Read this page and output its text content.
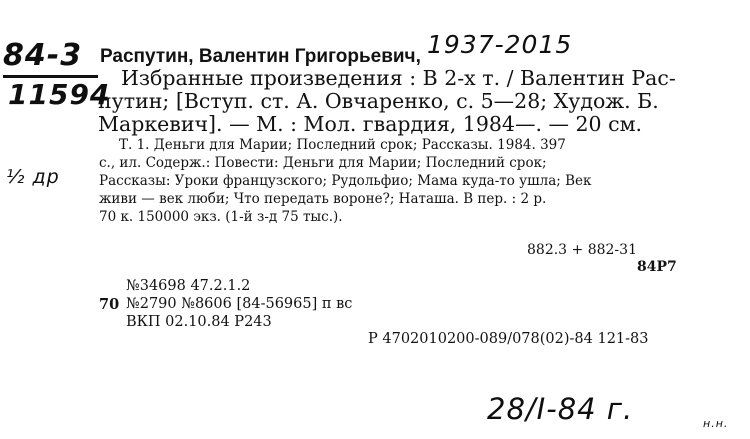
84-3
11594
½ др
Распутин, Валентин Григорьевич, 1937-2015
Избранные произведения : В 2-х т. / Валентин Рас-
путин; [Вступ. ст. А. Овчаренко, с. 5—28; Худож. Б.
Маркевич]. — М. : Мол. гвардия, 1984—. — 20 см.
Т. 1. Деньги для Марии; Последний срок; Рассказы. 1984. 397
с., ил. Содерж.: Повести: Деньги для Марии; Последний срок;
Рассказы: Уроки французского; Рудольфио; Мама куда-то ушла; Век
живи — век люби; Что передать вороне?; Наташа. В пер. : 2 р.
70 к. 150000 экз. (1-й з-д 75 тыс.).
882.3 + 882-31
84Р7
№34698 47.2.1.2
70 №2790 №8606 [84-56965] п вс
ВКП 02.10.84 Р243
Р 4702010200-089/078(02)-84 121-83
28/Ⅰ-84 г.	н.н.
